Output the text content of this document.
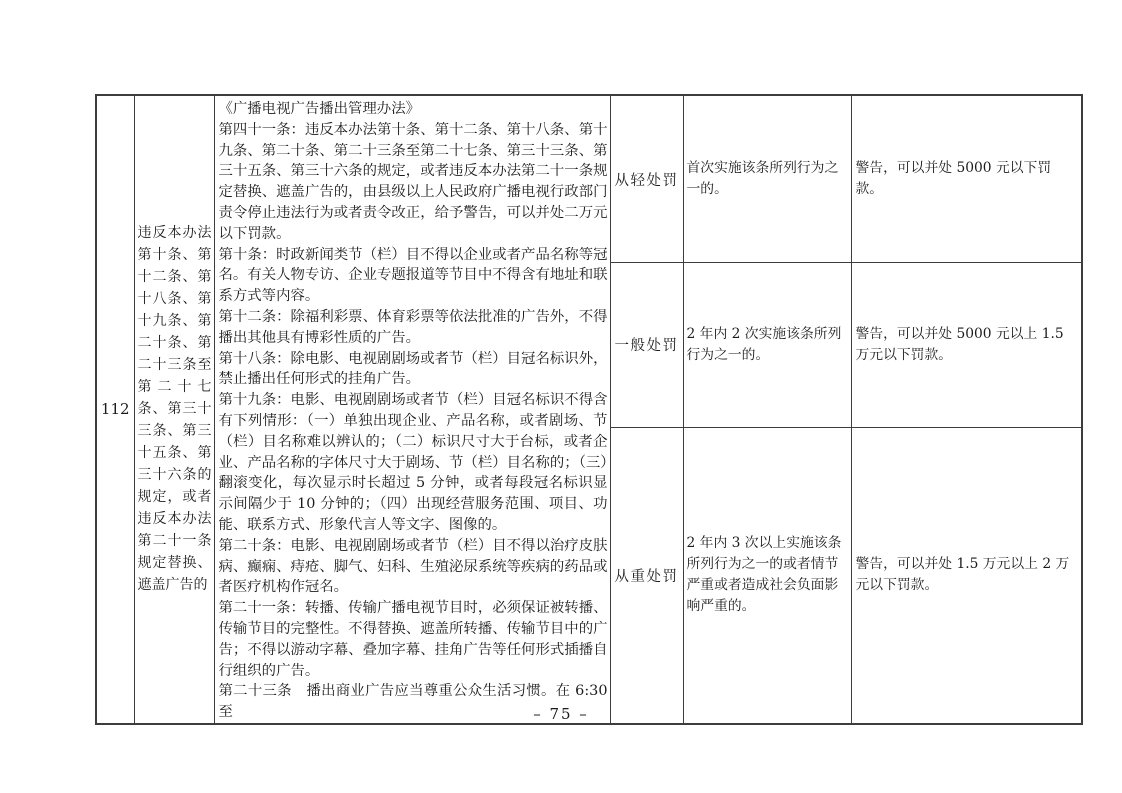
112	违反本办法第十条、第十二条、第十八条、第十九条、第二十条、第二十三条至第二十七条、第三十三条、第三十五条、第三十六条的规定，或者违反本办法第二十一条规定替换、遮盖广告的	
《广播电视广告播出管理办法》
第四十一条：违反本办法第十条、第十二条、第十八条、第十九条、第二十条、第二十三条至第二十七条、第三十三条、第三十五条、第三十六条的规定，或者违反本办法第二十一条规定替换、遮盖广告的，由县级以上人民政府广播电视行政部门责令停止违法行为或者责令改正，给予警告，可以并处二万元以下罚款。
第十条：时政新闻类节（栏）目不得以企业或者产品名称等冠名。有关人物专访、企业专题报道等节目中不得含有地址和联系方式等内容。
第十二条：除福利彩票、体育彩票等依法批准的广告外，不得播出其他具有博彩性质的广告。
第十八条：除电影、电视剧剧场或者节（栏）目冠名标识外，禁止播出任何形式的挂角广告。
第十九条：电影、电视剧剧场或者节（栏）目冠名标识不得含有下列情形：（一）单独出现企业、产品名称，或者剧场、节（栏）目名称难以辨认的；（二）标识尺寸大于台标，或者企业、产品名称的字体尺寸大于剧场、节（栏）目名称的；（三）翻滚变化，每次显示时长超过 5 分钟，或者每段冠名标识显示间隔少于 10 分钟的；（四）出现经营服务范围、项目、功能、联系方式、形象代言人等文字、图像的。
第二十条：电影、电视剧剧场或者节（栏）目不得以治疗皮肤病、癫痫、痔疮、脚气、妇科、生殖泌尿系统等疾病的药品或者医疗机构作冠名。
第二十一条：转播、传输广播电视节目时，必须保证被转播、传输节目的完整性。不得替换、遮盖所转播、传输节目中的广告；不得以游动字幕、叠加字幕、挂角广告等任何形式插播自行组织的广告。
第二十三条　播出商业广告应当尊重公众生活习惯。在 6:30 至
	从轻处罚	首次实施该条所列行为之一的。	警告，可以并处 5000 元以下罚款。
			一般处罚	2 年内 2 次实施该条所列行为之一的。	警告，可以并处 5000 元以上 1.5 万元以下罚款。
			从重处罚	2 年内 3 次以上实施该条所列行为之一的或者情节严重或者造成社会负面影响严重的。	警告，可以并处 1.5 万元以上 2 万元以下罚款。
– 75 –
